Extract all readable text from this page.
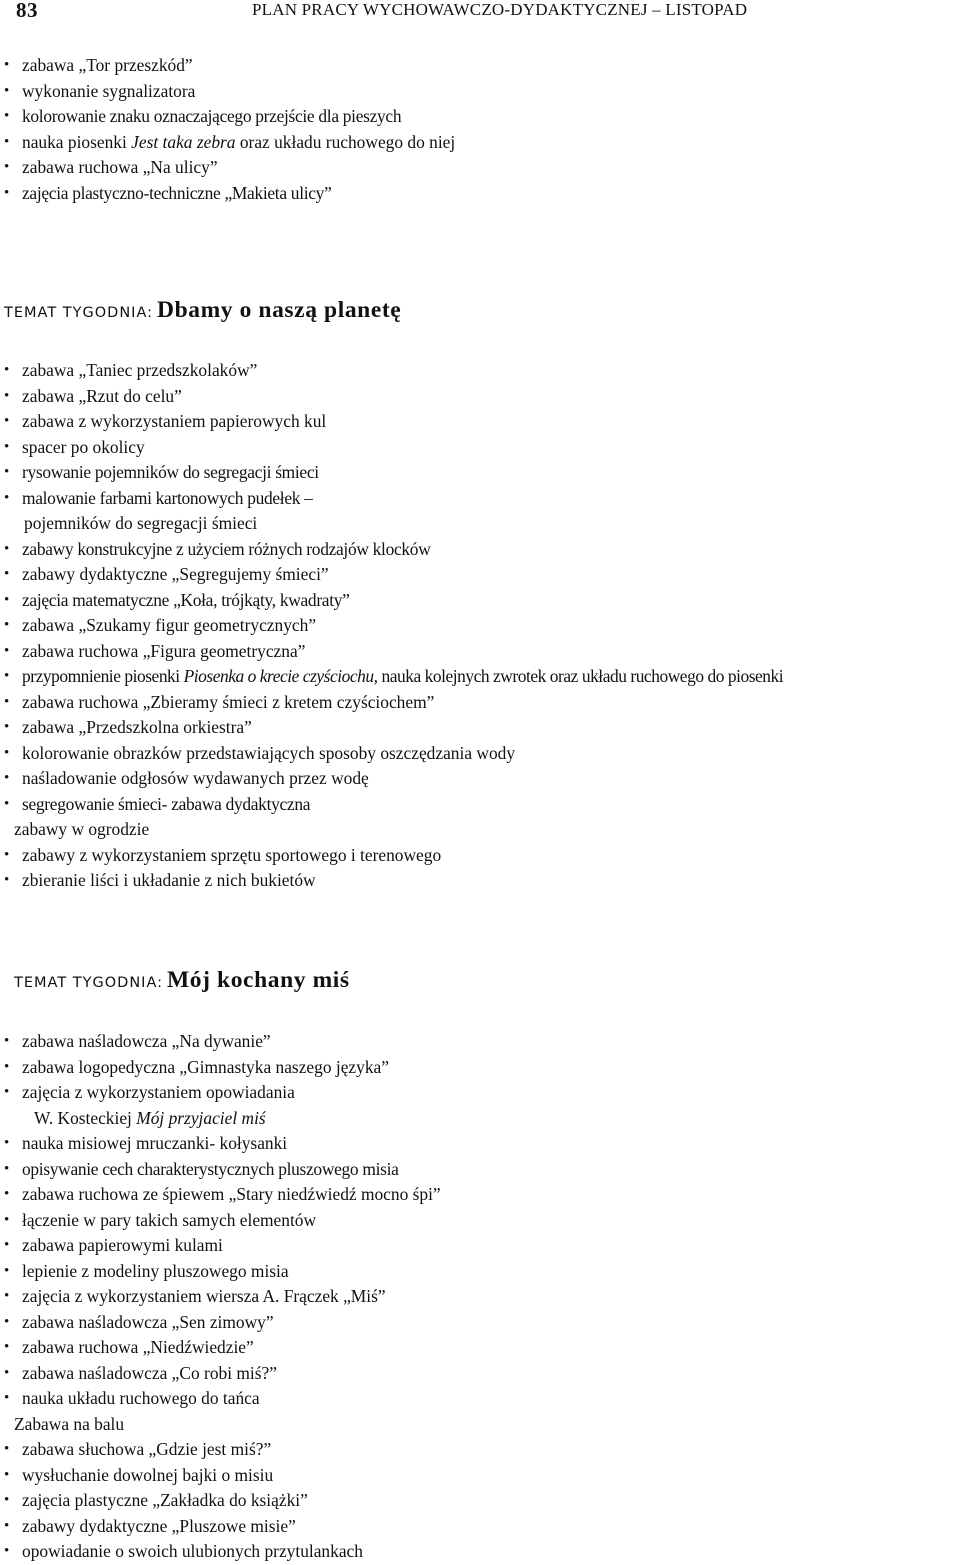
83	PLAN PRACY WYCHOWAWCZO-DYDAKTYCZNEJ – LISTOPAD
• zabawa „Tor przeszkód”
• wykonanie sygnalizatora
• kolorowanie znaku oznaczającego przejście dla pieszych
• nauka piosenki Jest taka zebra oraz układu ruchowego do niej
• zabawa ruchowa „Na ulicy”
• zajęcia plastyczno-techniczne „Makieta ulicy”
TEMAT TYGODNIA: Dbamy o naszą planetę
• zabawa „Taniec przedszkolaków”
• zabawa „Rzut do celu”
• zabawa z wykorzystaniem papierowych kul
• spacer po okolicy
• rysowanie pojemników do segregacji śmieci
• malowanie farbami kartonowych pudełek –
pojemników do segregacji śmieci
• zabawy konstrukcyjne z użyciem różnych rodzajów klocków
• zabawy dydaktyczne „Segregujemy śmieci”
• zajęcia matematyczne „Koła, trójkąty, kwadraty”
• zabawa „Szukamy figur geometrycznych”
• zabawa ruchowa „Figura geometryczna”
• przypomnienie piosenki Piosenka o krecie czyściochu, nauka kolejnych zwrotek oraz układu ruchowego do piosenki
• zabawa ruchowa „Zbieramy śmieci z kretem czyściochem”
• zabawa „Przedszkolna orkiestra”
• kolorowanie obrazków przedstawiających sposoby oszczędzania wody
• naśladowanie odgłosów wydawanych przez wodę
• segregowanie śmieci- zabawa dydaktyczna
zabawy w ogrodzie
• zabawy z wykorzystaniem sprzętu sportowego i terenowego
• zbieranie liści i układanie z nich bukietów
TEMAT TYGODNIA: Mój kochany miś
• zabawa naśladowcza „Na dywanie”
• zabawa logopedyczna „Gimnastyka naszego języka”
• zajęcia z wykorzystaniem opowiadania
W. Kosteckiej Mój przyjaciel miś
• nauka misiowej mruczanki- kołysanki
• opisywanie cech charakterystycznych pluszowego misia
• zabawa ruchowa ze śpiewem „Stary niedźwiedź mocno śpi”
• łączenie w pary takich samych elementów
• zabawa papierowymi kulami
• lepienie z modeliny pluszowego misia
• zajęcia z wykorzystaniem wiersza A. Frączek „Miś”
• zabawa naśladowcza „Sen zimowy”
• zabawa ruchowa „Niedźwiedzie”
• zabawa naśladowcza „Co robi miś?”
• nauka układu ruchowego do tańca
Zabawa na balu
• zabawa słuchowa „Gdzie jest miś?”
• wysłuchanie dowolnej bajki o misiu
• zajęcia plastyczne „Zakładka do książki”
• zabawy dydaktyczne „Pluszowe misie”
• opowiadanie o swoich ulubionych przytulankach
